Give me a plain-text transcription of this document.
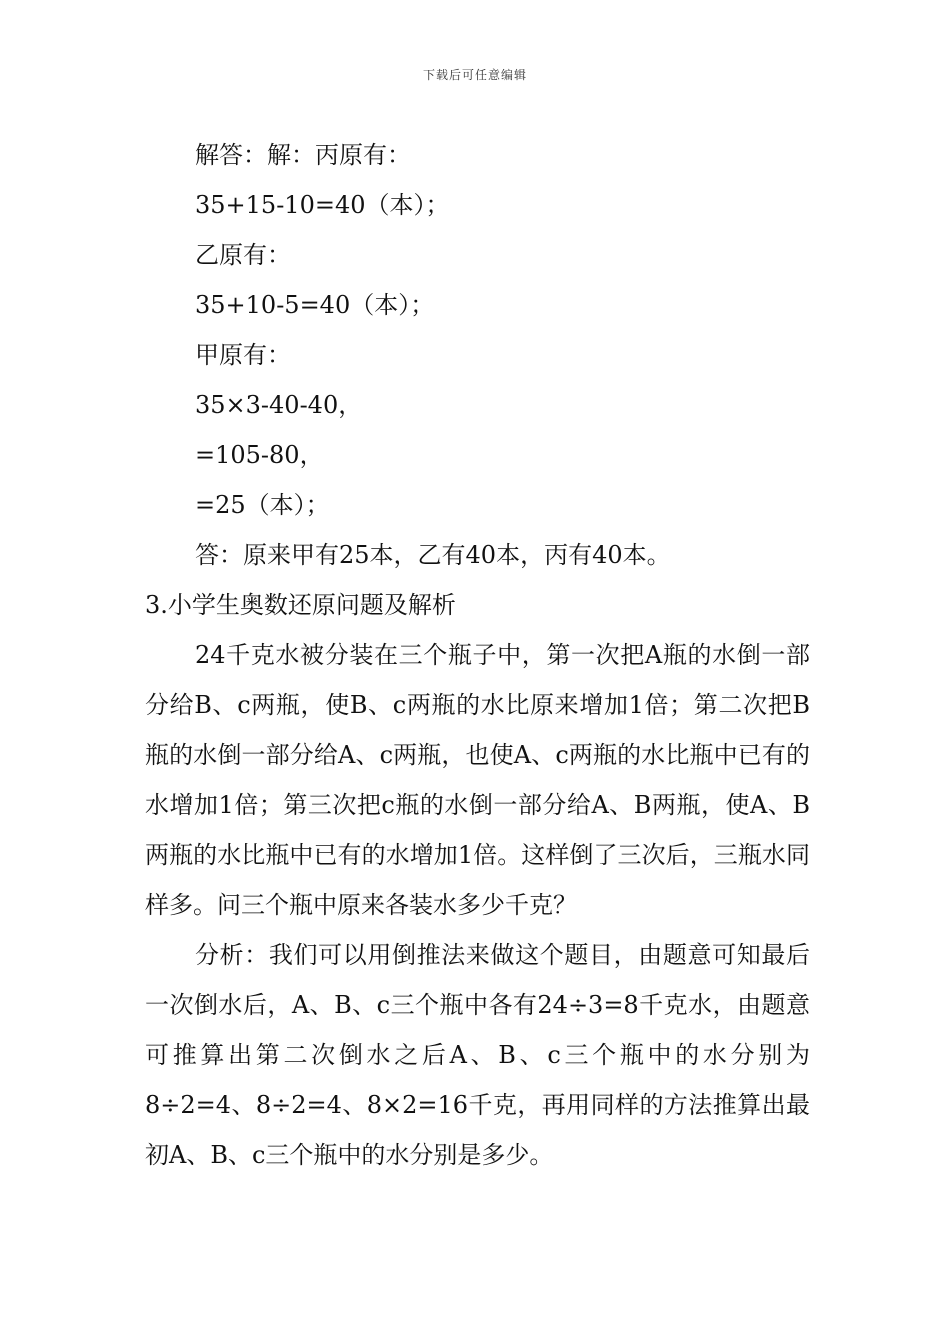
下载后可任意编辑
解答：解：丙原有：
35+15-10=40（本）；
乙原有：
35+10-5=40（本）；
甲原有：
35×3-40-40，
=105-80，
=25（本）；
答：原来甲有25本，乙有40本，丙有40本。
3.小学生奥数还原问题及解析

24千克水被分装在三个瓶子中，第一次把A瓶的水倒一部分给B、c两瓶，使B、c两瓶的水比原来增加1倍；第二次把B瓶的水倒一部分给A、c两瓶，也使A、c两瓶的水比瓶中已有的水增加1倍；第三次把c瓶的水倒一部分给A、B两瓶，使A、B两瓶的水比瓶中已有的水增加1倍。这样倒了三次后，三瓶水同样多。问三个瓶中原来各装水多少千克？

分析：我们可以用倒推法来做这个题目，由题意可知最后一次倒水后，A、B、c三个瓶中各有24÷3=8千克水，由题意可推算出第二次倒水之后A、B、c三个瓶中的水分别为8÷2=4、8÷2=4、8×2=16千克，再用同样的方法推算出最初A、B、c三个瓶中的水分别是多少。
